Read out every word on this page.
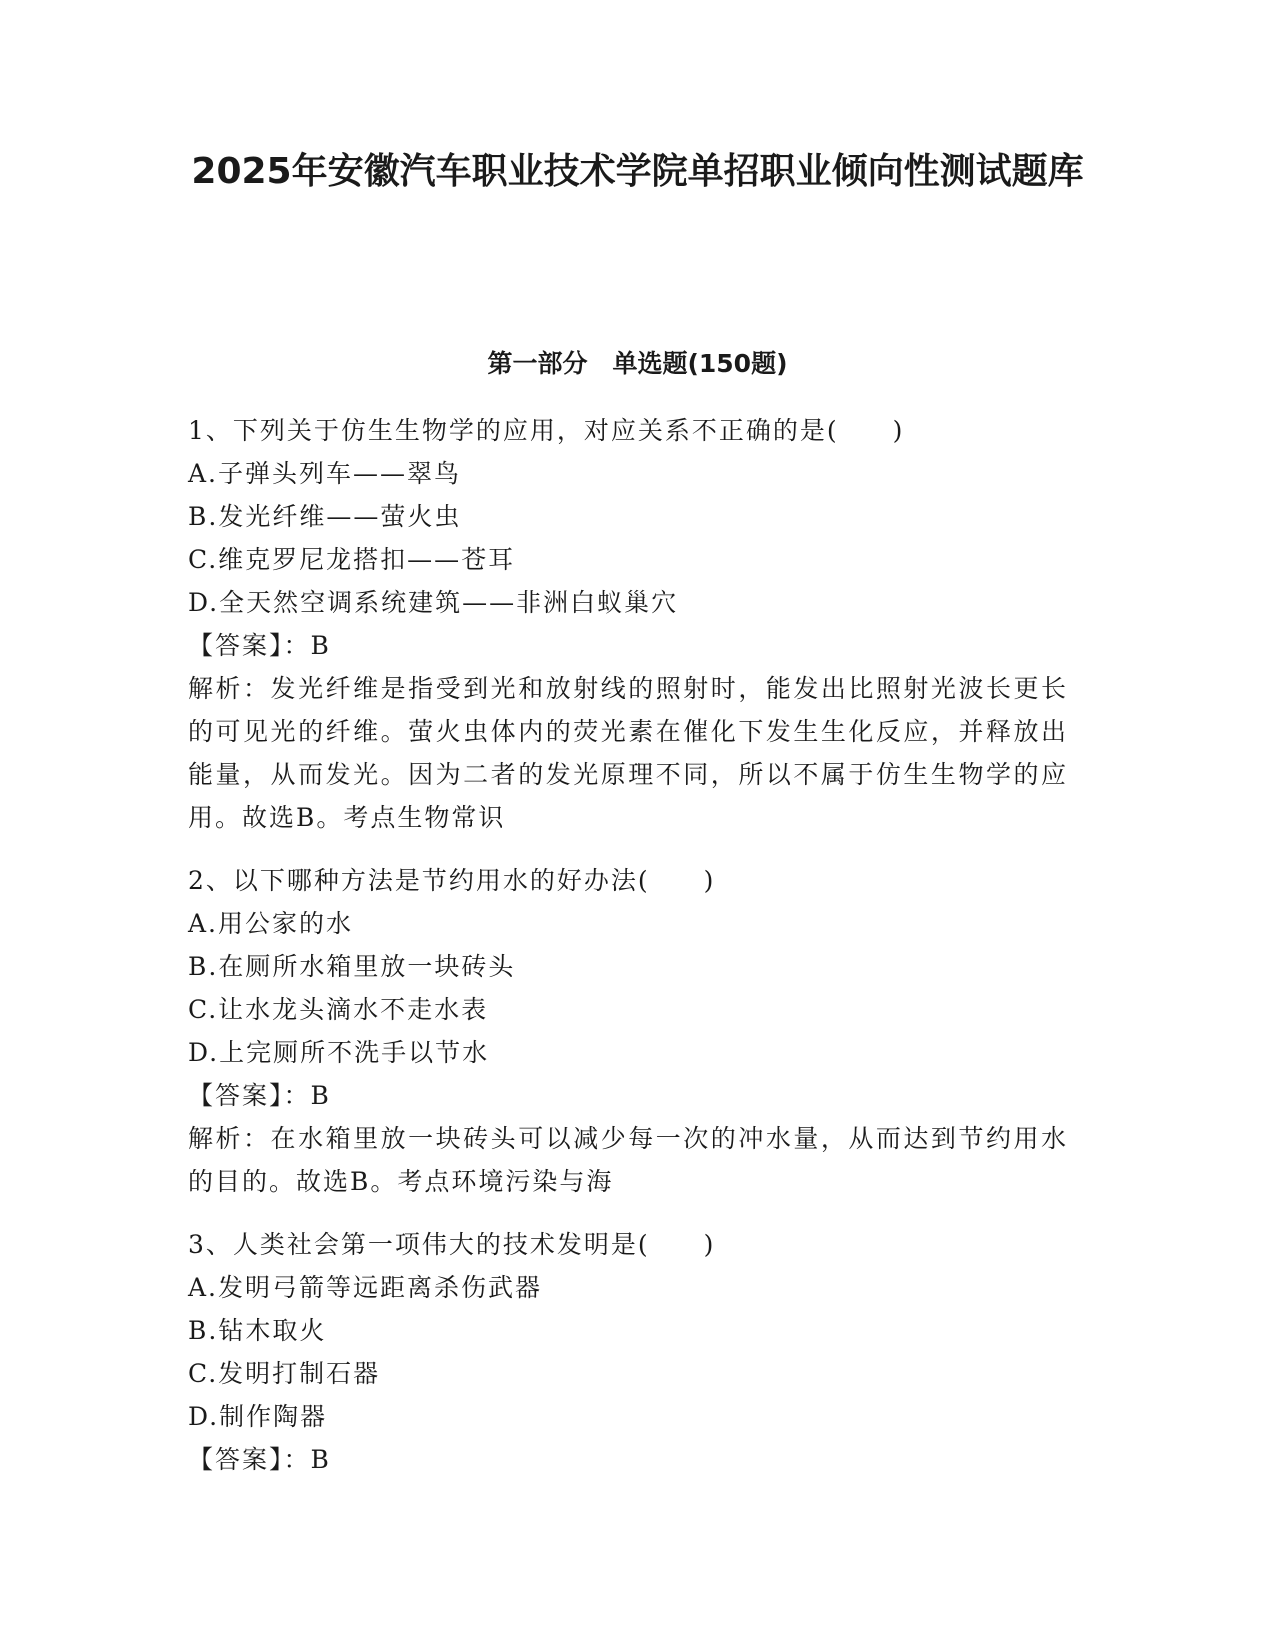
2025年安徽汽车职业技术学院单招职业倾向性测试题库
第一部分　单选题(150题)
1、下列关于仿生生物学的应用，对应关系不正确的是(　　)
A.子弹头列车——翠鸟
B.发光纤维——萤火虫
C.维克罗尼龙搭扣——苍耳
D.全天然空调系统建筑——非洲白蚁巢穴
【答案】：B
解析：发光纤维是指受到光和放射线的照射时，能发出比照射光波长更长的可见光的纤维。萤火虫体内的荧光素在催化下发生生化反应，并释放出能量，从而发光。因为二者的发光原理不同，所以不属于仿生生物学的应用。故选B。考点生物常识
2、以下哪种方法是节约用水的好办法(　　)
A.用公家的水
B.在厕所水箱里放一块砖头
C.让水龙头滴水不走水表
D.上完厕所不洗手以节水
【答案】：B
解析：在水箱里放一块砖头可以减少每一次的冲水量，从而达到节约用水的目的。故选B。考点环境污染与海
3、人类社会第一项伟大的技术发明是(　　)
A.发明弓箭等远距离杀伤武器
B.钻木取火
C.发明打制石器
D.制作陶器
【答案】：B
